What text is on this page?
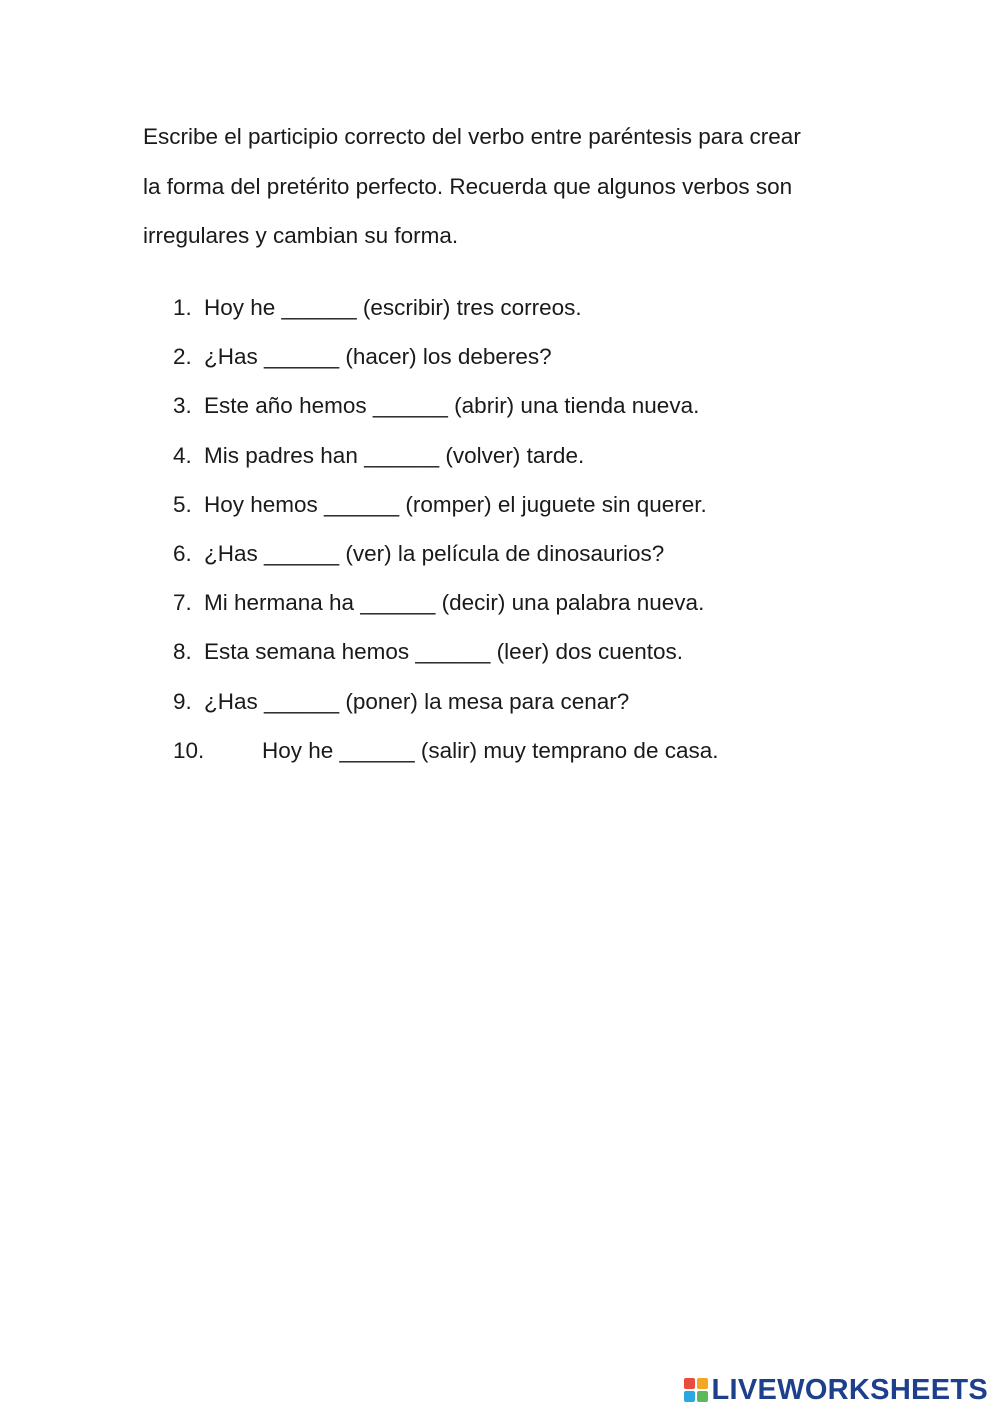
Escribe el participio correcto del verbo entre paréntesis para crear
la forma del pretérito perfecto. Recuerda que algunos verbos son
irregulares y cambian su forma.
1. Hoy he ______ (escribir) tres correos.
2. ¿Has ______ (hacer) los deberes?
3. Este año hemos ______ (abrir) una tienda nueva.
4. Mis padres han ______ (volver) tarde.
5. Hoy hemos ______ (romper) el juguete sin querer.
6. ¿Has ______ (ver) la película de dinosaurios?
7. Mi hermana ha ______ (decir) una palabra nueva.
8. Esta semana hemos ______ (leer) dos cuentos.
9. ¿Has ______ (poner) la mesa para cenar?
10.	Hoy he ______ (salir) muy temprano de casa.
LIVEWORKSHEETS
